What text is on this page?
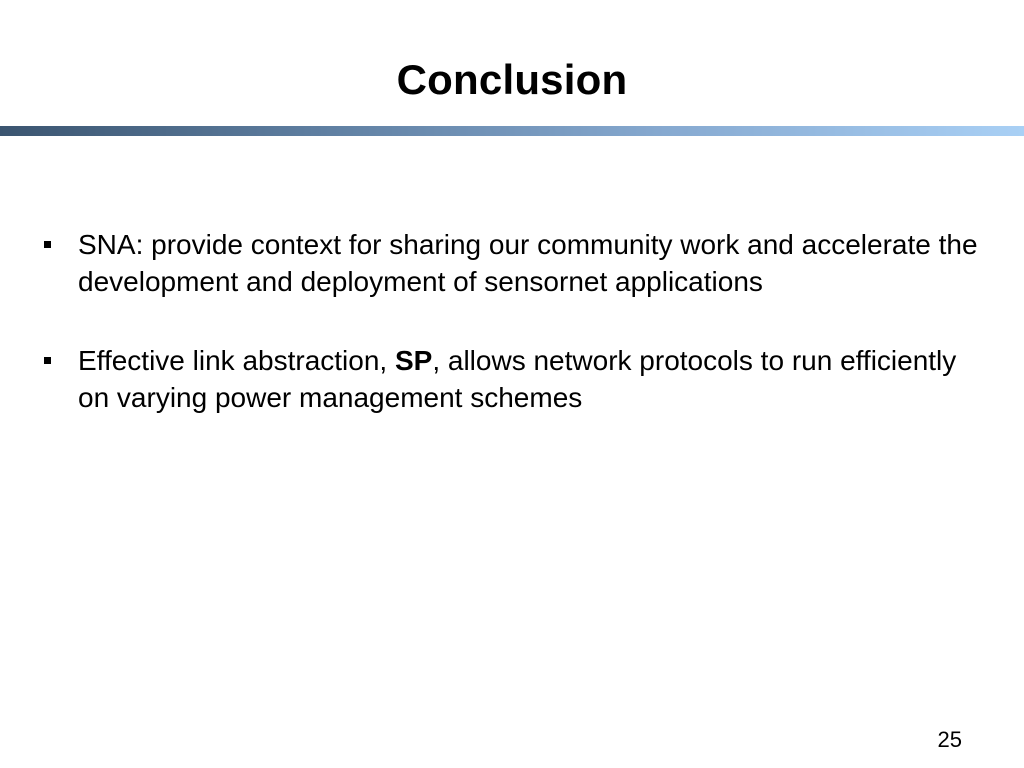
Conclusion
SNA: provide context for sharing our community work and accelerate the development and deployment of sensornet applications
Effective link abstraction, SP, allows network protocols to run efficiently on varying power management schemes
25
